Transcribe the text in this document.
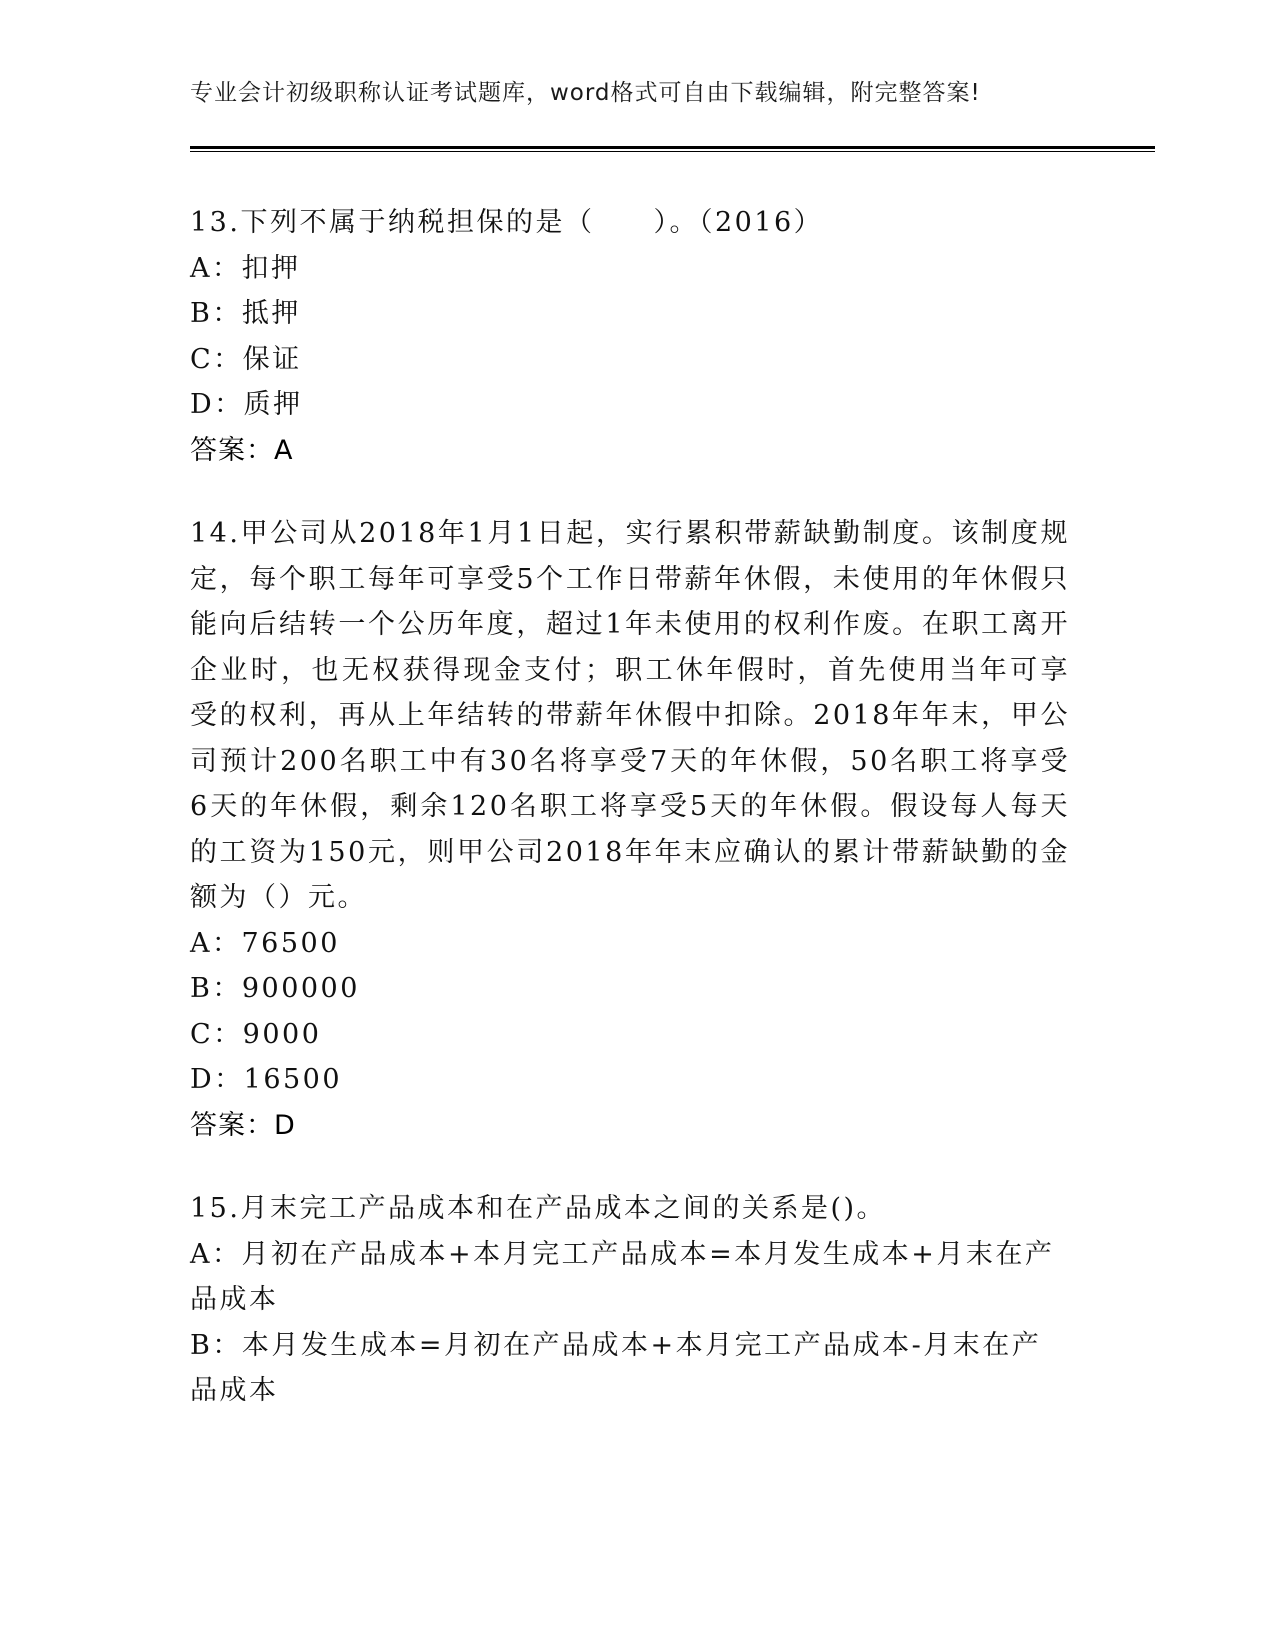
专业会计初级职称认证考试题库，word格式可自由下载编辑，附完整答案!
13.下列不属于纳税担保的是（　　）。（2016）
A：扣押
B：抵押
C：保证
D：质押
答案：A
14.甲公司从2018年1月1日起，实行累积带薪缺勤制度。该制度规定，每个职工每年可享受5个工作日带薪年休假，未使用的年休假只能向后结转一个公历年度，超过1年未使用的权利作废。在职工离开企业时，也无权获得现金支付；职工休年假时，首先使用当年可享受的权利，再从上年结转的带薪年休假中扣除。2018年年末，甲公司预计200名职工中有30名将享受7天的年休假，50名职工将享受6天的年休假，剩余120名职工将享受5天的年休假。假设每人每天的工资为150元，则甲公司2018年年末应确认的累计带薪缺勤的金额为（）元。
A：76500
B：900000
C：9000
D：16500
答案：D
15.月末完工产品成本和在产品成本之间的关系是()。
A：月初在产品成本+本月完工产品成本=本月发生成本+月末在产品成本
B：本月发生成本=月初在产品成本+本月完工产品成本-月末在产品成本
